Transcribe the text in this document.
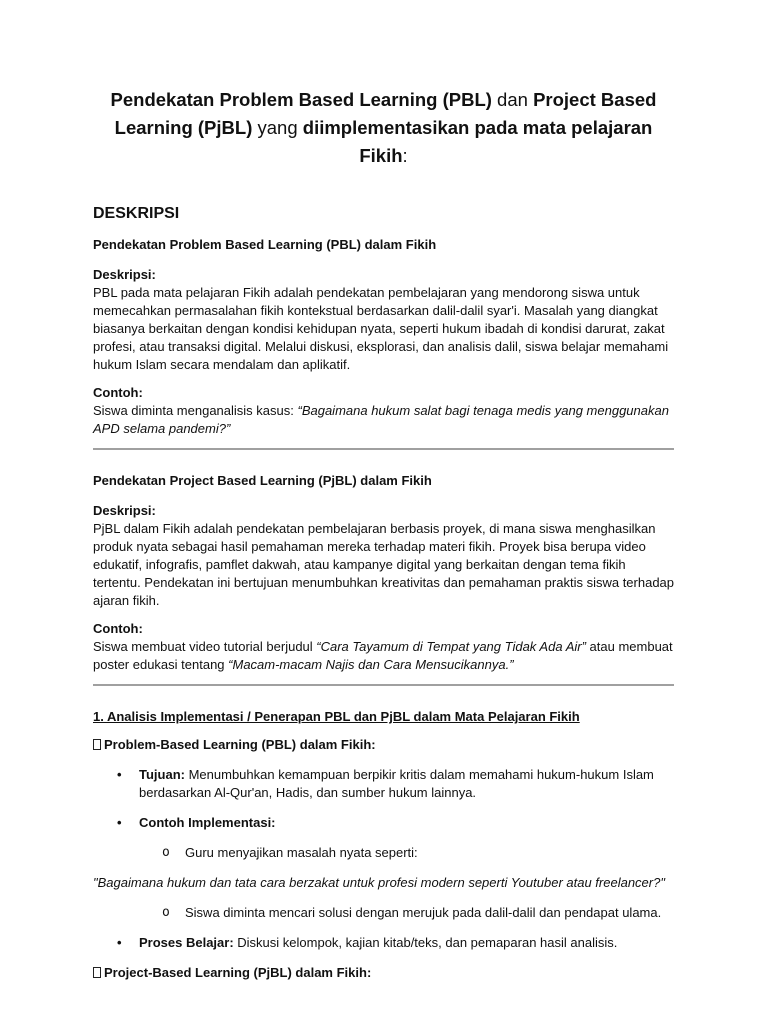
Pendekatan Problem Based Learning (PBL) dan Project Based Learning (PjBL) yang diimplementasikan pada mata pelajaran Fikih:
DESKRIPSI
Pendekatan Problem Based Learning (PBL) dalam Fikih

Deskripsi:

PBL pada mata pelajaran Fikih adalah pendekatan pembelajaran yang mendorong siswa untuk memecahkan permasalahan fikih kontekstual berdasarkan dalil-dalil syar'i. Masalah yang diangkat biasanya berkaitan dengan kondisi kehidupan nyata, seperti hukum ibadah di kondisi darurat, zakat profesi, atau transaksi digital. Melalui diskusi, eksplorasi, dan analisis dalil, siswa belajar memahami hukum Islam secara mendalam dan aplikatif.

Contoh:

Siswa diminta menganalisis kasus: “Bagaimana hukum salat bagi tenaga medis yang menggunakan APD selama pandemi?”

Pendekatan Project Based Learning (PjBL) dalam Fikih

Deskripsi:

PjBL dalam Fikih adalah pendekatan pembelajaran berbasis proyek, di mana siswa menghasilkan produk nyata sebagai hasil pemahaman mereka terhadap materi fikih. Proyek bisa berupa video edukatif, infografis, pamflet dakwah, atau kampanye digital yang berkaitan dengan tema fikih tertentu. Pendekatan ini bertujuan menumbuhkan kreativitas dan pemahaman praktis siswa terhadap ajaran fikih.

Contoh:

Siswa membuat video tutorial berjudul “Cara Tayamum di Tempat yang Tidak Ada Air” atau membuat poster edukasi tentang “Macam-macam Najis dan Cara Mensucikannya.”

1. Analisis Implementasi / Penerapan PBL dan PjBL dalam Mata Pelajaran Fikih

Problem-Based Learning (PBL) dalam Fikih:

• Tujuan: Menumbuhkan kemampuan berpikir kritis dalam memahami hukum-hukum Islam berdasarkan Al-Qur'an, Hadis, dan sumber hukum lainnya.
• Contoh Implementasi:

o Guru menyajikan masalah nyata seperti:

"Bagaimana hukum dan tata cara berzakat untuk profesi modern seperti Youtuber atau freelancer?"

o Siswa diminta mencari solusi dengan merujuk pada dalil-dalil dan pendapat ulama.

• Proses Belajar: Diskusi kelompok, kajian kitab/teks, dan pemaparan hasil analisis.

Project-Based Learning (PjBL) dalam Fikih:
